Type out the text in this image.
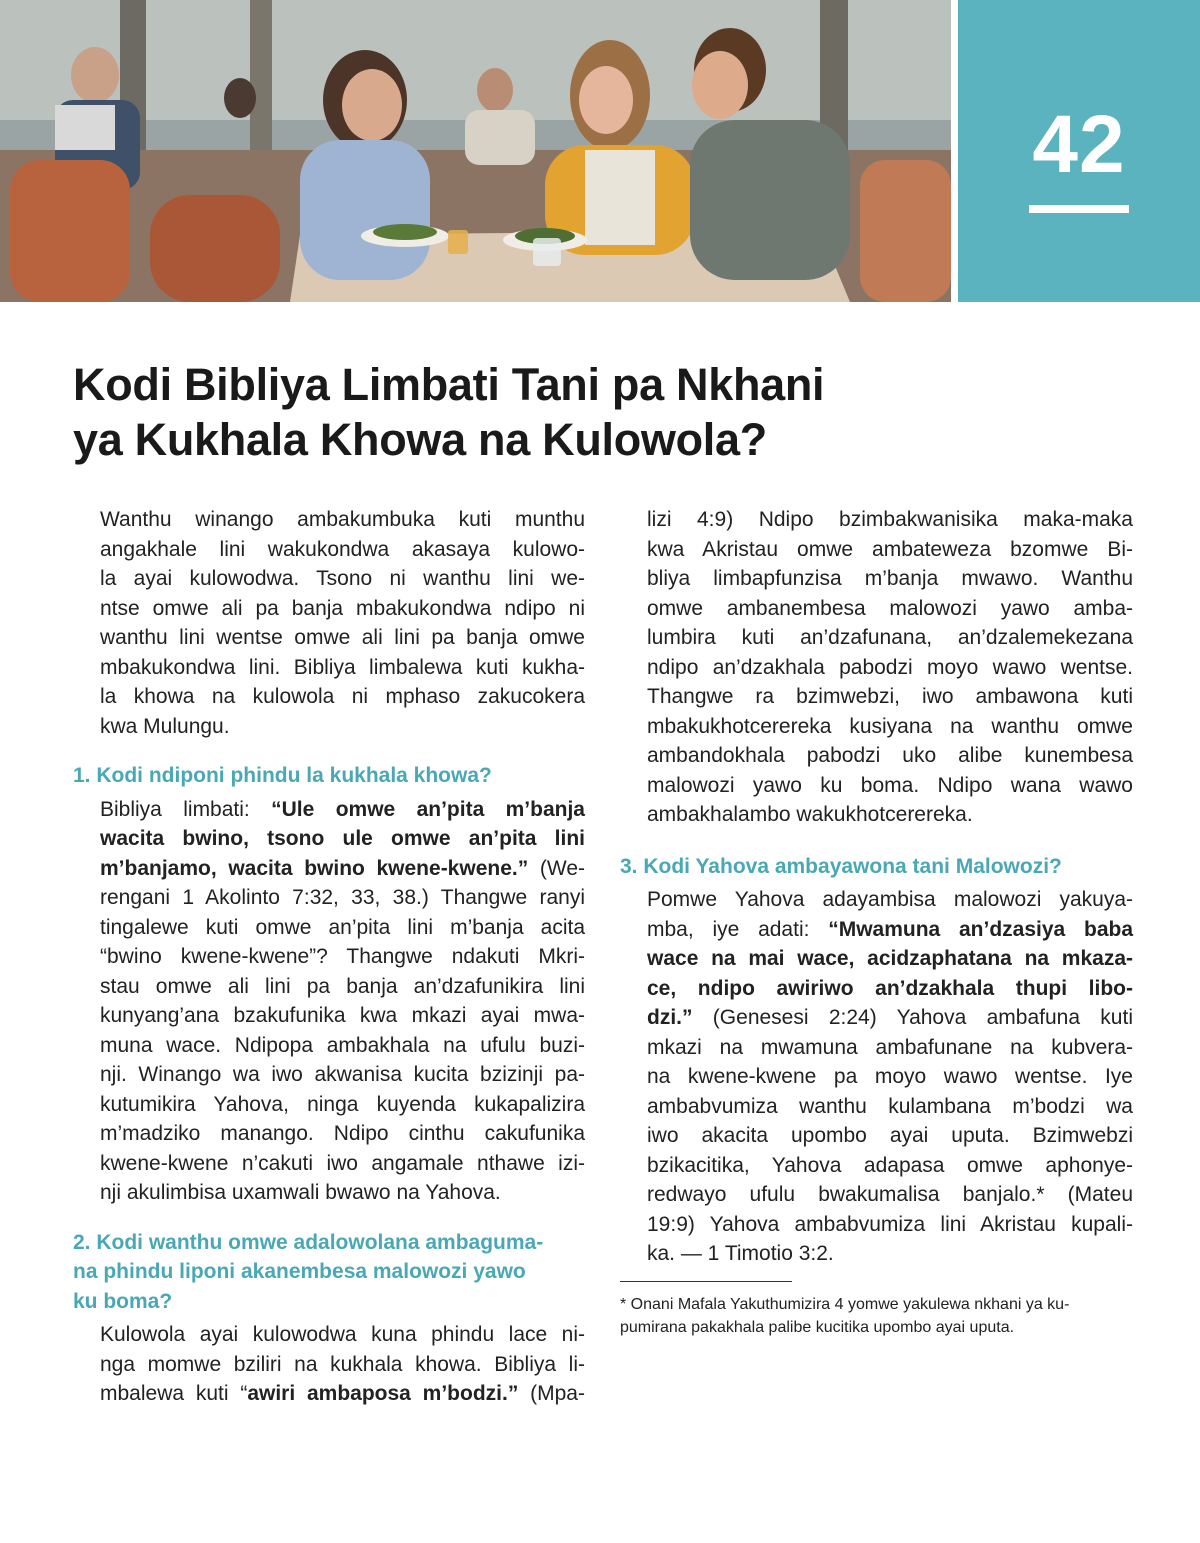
42
Kodi Bibliya Limbati Tani pa Nkhani
ya Kukhala Khowa na Kulowola?

Wanthu winango ambakumbuka kuti munthu
angakhale lini wakukondwa akasaya kulowo-
la ayai kulowodwa. Tsono ni wanthu lini we-
ntse omwe ali pa banja mbakukondwa ndipo ni
wanthu lini wentse omwe ali lini pa banja omwe
mbakukondwa lini. Bibliya limbalewa kuti kukha-
la khowa na kulowola ni mphaso zakucokera
kwa Mulungu.

1. Kodi ndiponi phindu la kukhala khowa?

Bibliya limbati: “Ule omwe an’pita m’banja
wacita bwino, tsono ule omwe an’pita lini
m’banjamo, wacita bwino kwene-kwene.” (We-
rengani 1 Akolinto 7:32, 33, 38.) Thangwe ranyi
tingalewe kuti omwe an’pita lini m’banja acita
“bwino kwene-kwene”? Thangwe ndakuti Mkri-
stau omwe ali lini pa banja an’dzafunikira lini
kunyang’ana bzakufunika kwa mkazi ayai mwa-
muna wace. Ndipopa ambakhala na ufulu buzi-
nji. Winango wa iwo akwanisa kucita bzizinji pa-
kutumikira Yahova, ninga kuyenda kukapalizira
m’madziko manango. Ndipo cinthu cakufunika
kwene-kwene n’cakuti iwo angamale nthawe izi-
nji akulimbisa uxamwali bwawo na Yahova.

2. Kodi wanthu omwe adalowolana ambaguma-
na phindu liponi akanembesa malowozi yawo
ku boma?

Kulowola ayai kulowodwa kuna phindu lace ni-
nga momwe bziliri na kukhala khowa. Bibliya li-
mbalewa kuti “awiri ambaposa m’bodzi.” (Mpa-

lizi 4:9) Ndipo bzimbakwanisika maka-maka
kwa Akristau omwe ambateweza bzomwe Bi-
bliya limbapfunzisa m’banja mwawo. Wanthu
omwe ambanembesa malowozi yawo amba-
lumbira kuti an’dzafunana, an’dzalemekezana
ndipo an’dzakhala pabodzi moyo wawo wentse.
Thangwe ra bzimwebzi, iwo ambawona kuti
mbakukhotcerereka kusiyana na wanthu omwe
ambandokhala pabodzi uko alibe kunembesa
malowozi yawo ku boma. Ndipo wana wawo
ambakhalambo wakukhotcerereka.

3. Kodi Yahova ambayawona tani Malowozi?

Pomwe Yahova adayambisa malowozi yakuya-
mba, iye adati: “Mwamuna an’dzasiya baba
wace na mai wace, acidzaphatana na mkaza-
ce, ndipo awiriwo an’dzakhala thupi libo-
dzi.” (Genesesi 2:24) Yahova ambafuna kuti
mkazi na mwamuna ambafunane na kubvera-
na kwene-kwene pa moyo wawo wentse. Iye
ambabvumiza wanthu kulambana m’bodzi wa
iwo akacita upombo ayai uputa. Bzimwebzi
bzikacitika, Yahova adapasa omwe aphonye-
redwayo ufulu bwakumalisa banjalo.* (Mateu
19:9) Yahova ambabvumiza lini Akristau kupali-
ka. — 1 Timotio 3:2.

* Onani Mafala Yakuthumizira 4 yomwe yakulewa nkhani ya ku-
pumirana pakakhala palibe kucitika upombo ayai uputa.
